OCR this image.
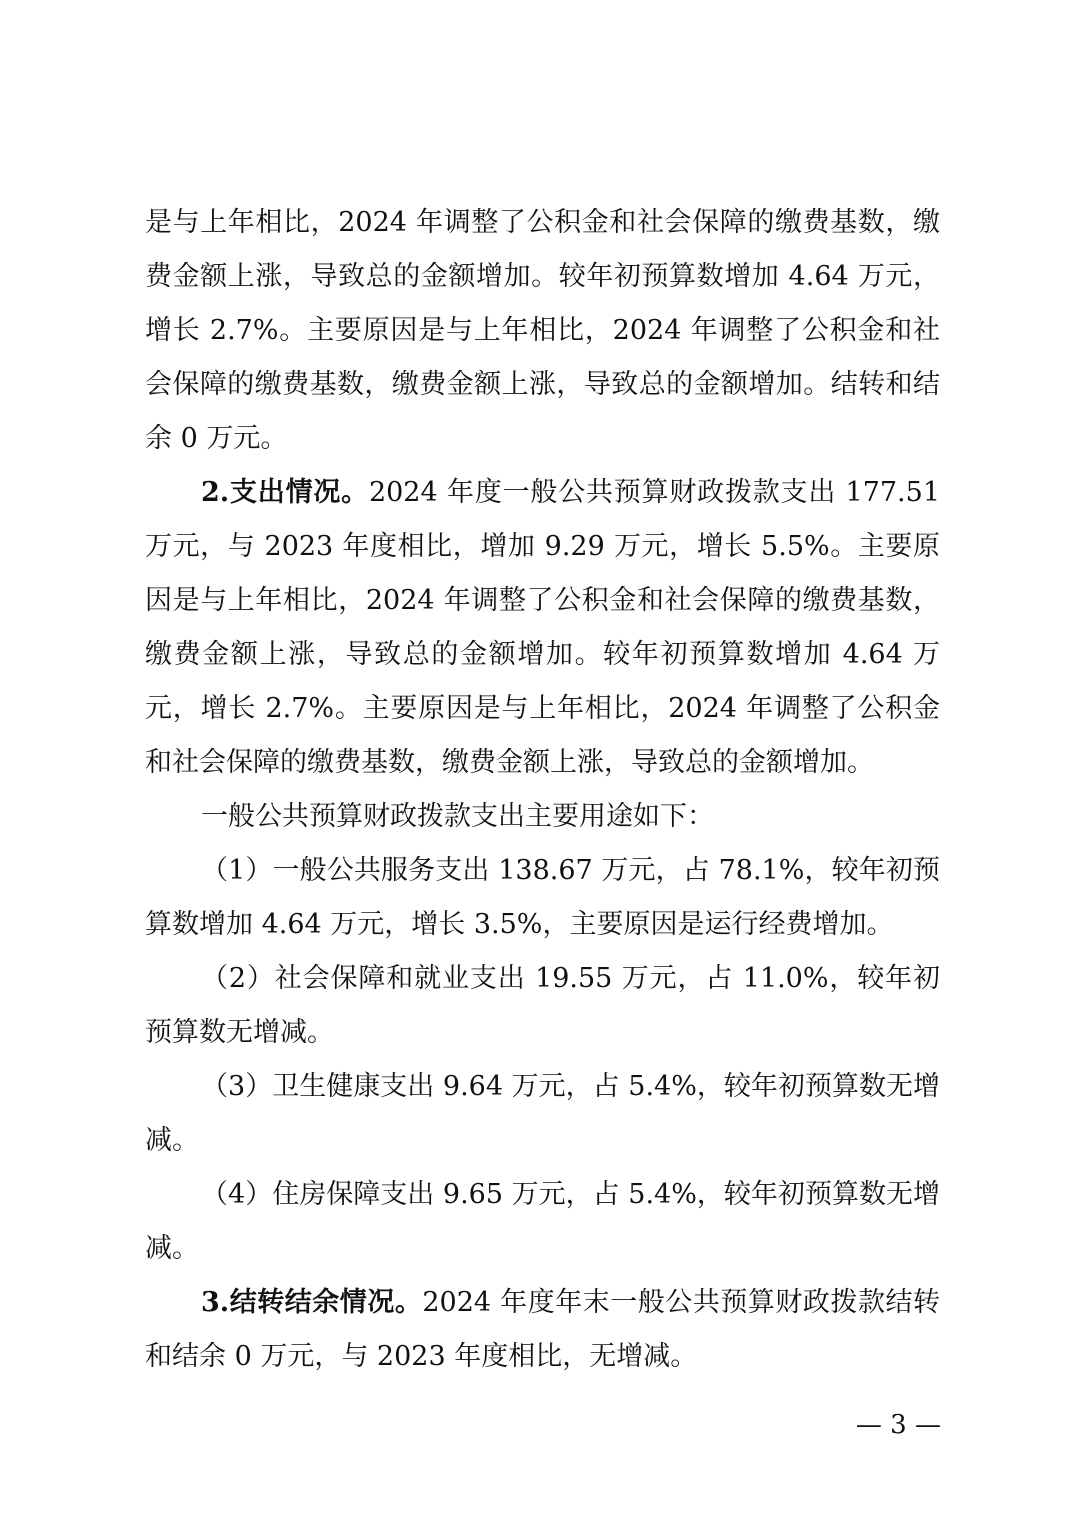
是与上年相比，2024 年调整了公积金和社会保障的缴费基数，缴费金额上涨，导致总的金额增加。较年初预算数增加 4.64 万元，增长 2.7%。主要原因是与上年相比，2024 年调整了公积金和社会保障的缴费基数，缴费金额上涨，导致总的金额增加。结转和结余 0 万元。

2.支出情况。2024 年度一般公共预算财政拨款支出 177.51 万元，与 2023 年度相比，增加 9.29 万元，增长 5.5%。主要原因是与上年相比，2024 年调整了公积金和社会保障的缴费基数，缴费金额上涨，导致总的金额增加。较年初预算数增加 4.64 万元，增长 2.7%。主要原因是与上年相比，2024 年调整了公积金和社会保障的缴费基数，缴费金额上涨，导致总的金额增加。

一般公共预算财政拨款支出主要用途如下：

（1）一般公共服务支出 138.67 万元，占 78.1%，较年初预算数增加 4.64 万元，增长 3.5%，主要原因是运行经费增加。

（2）社会保障和就业支出 19.55 万元，占 11.0%，较年初预算数无增减。

（3）卫生健康支出 9.64 万元，占 5.4%，较年初预算数无增减。

（4）住房保障支出 9.65 万元，占 5.4%，较年初预算数无增减。

3.结转结余情况。2024 年度年末一般公共预算财政拨款结转和结余 0 万元，与 2023 年度相比，无增减。

— 3 —
